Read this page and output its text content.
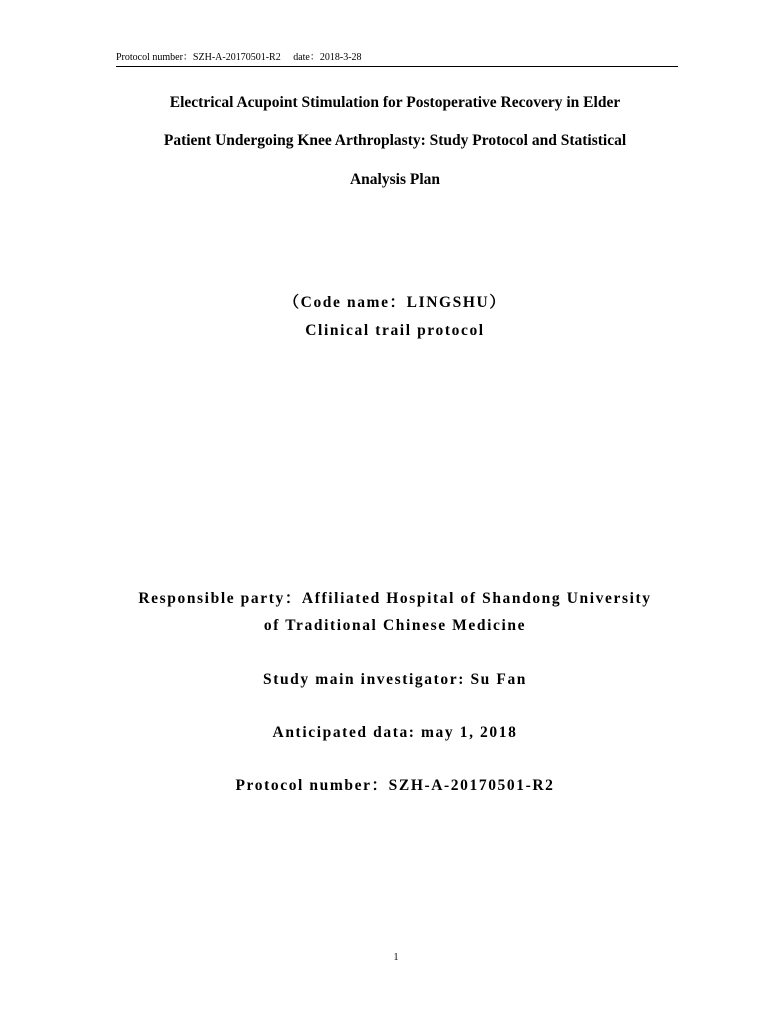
Protocol number：SZH-A-20170501-R2     date：2018-3-28
Electrical Acupoint Stimulation for Postoperative Recovery in Elder
Patient Undergoing Knee Arthroplasty: Study Protocol and Statistical
Analysis Plan
（Code name：LINGSHU）
Clinical trail protocol
Responsible party：Affiliated Hospital of Shandong University
of Traditional Chinese Medicine
Study main investigator: Su Fan
Anticipated data: may 1, 2018
Protocol number：SZH-A-20170501-R2
1
